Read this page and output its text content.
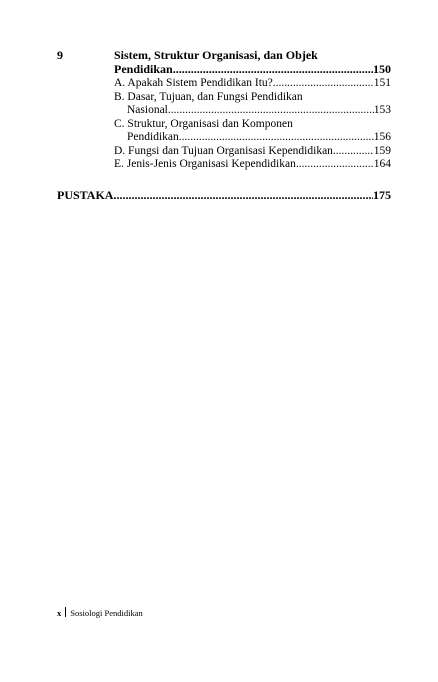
9	Sistem, Struktur Organisasi, dan Objek
Pendidikan .....	150
A. Apakah Sistem Pendidikan Itu? .....	151
B. Dasar, Tujuan, dan Fungsi Pendidikan
Nasional .....	153
C. Struktur, Organisasi dan Komponen
Pendidikan .....	156
D. Fungsi dan Tujuan Organisasi Kependidikan .....	159
E. Jenis-Jenis Organisasi Kependidikan .....	164
PUSTAKA .....	175
x Sosiologi Pendidikan
